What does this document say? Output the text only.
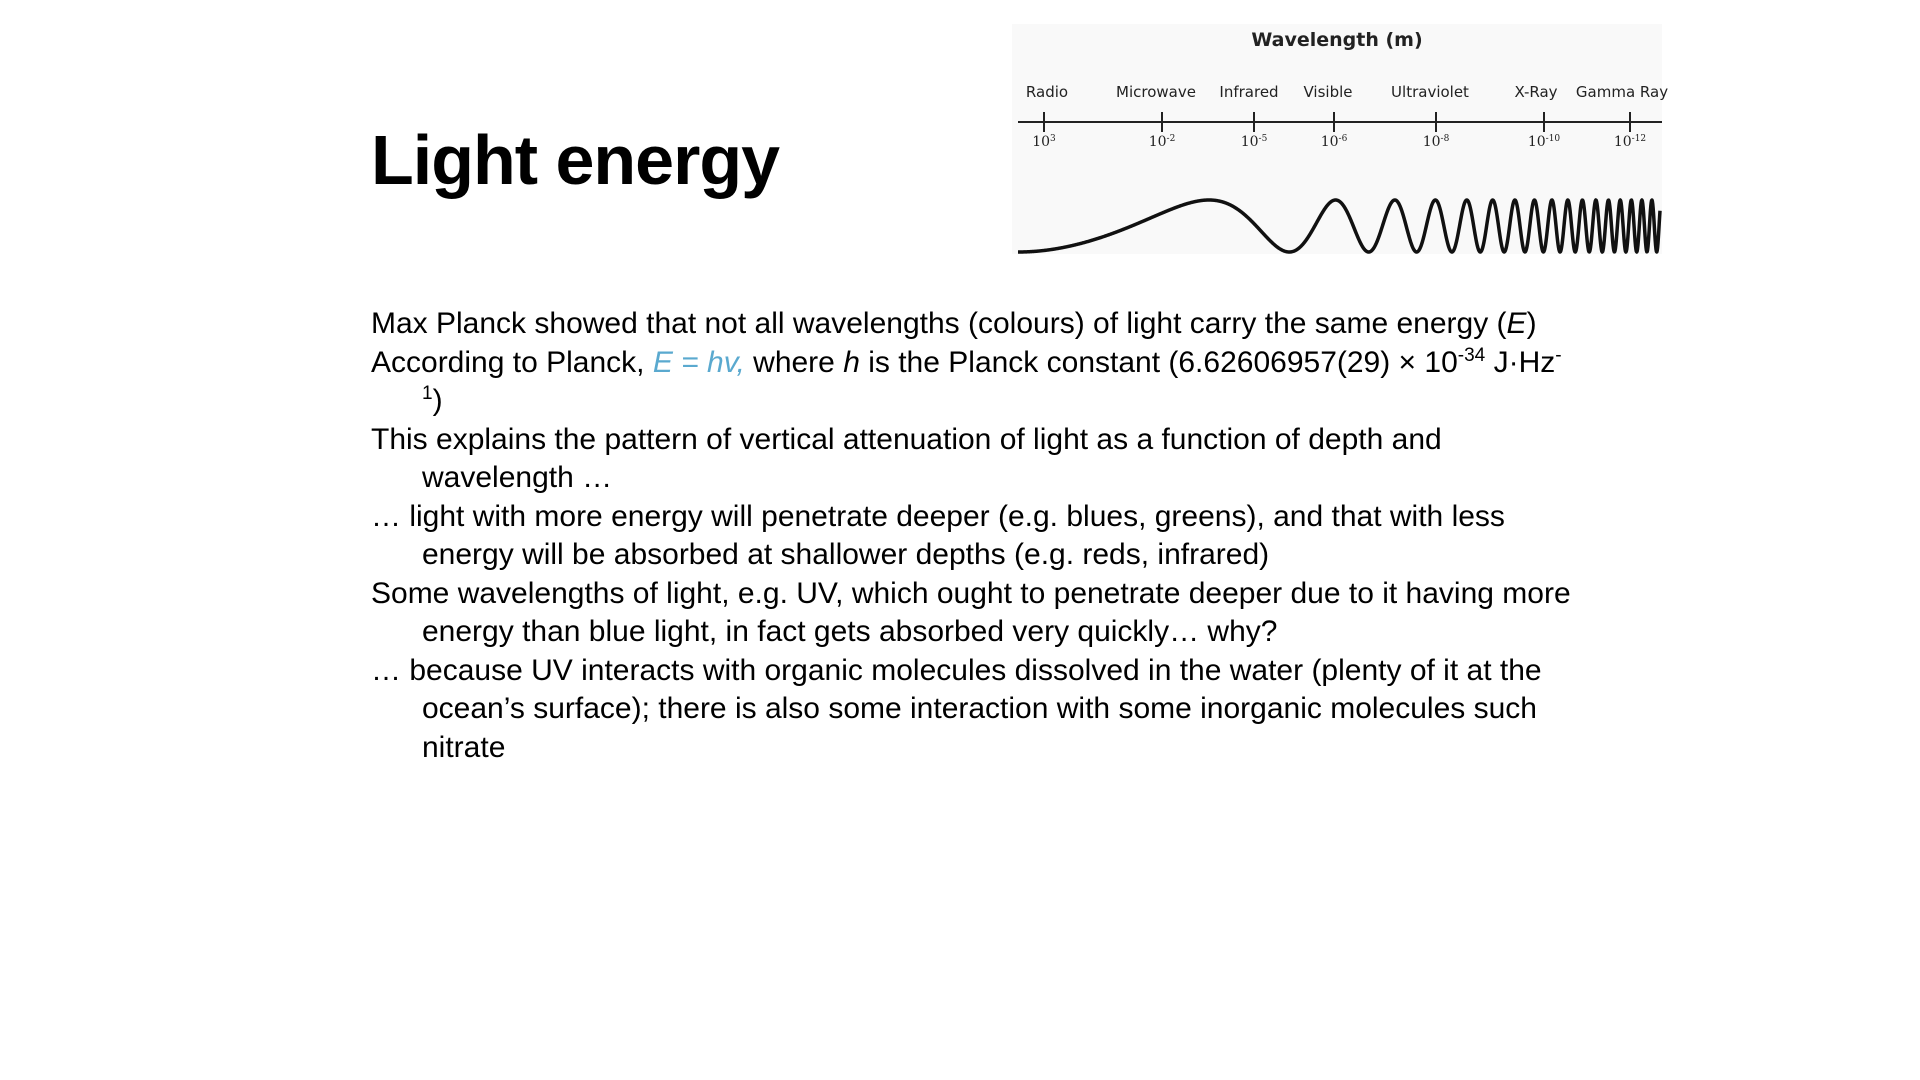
Light energy
Wavelength (m)
Radio	Microwave Infrared Visible	Ultraviolet	X-Ray Gamma Ray
$10^3$	$10^{-2}$	$10^{-5}$	$10^{-6}$	$10^{-8}$	$10^{-10}$	$10^{-12}$

Max Planck showed that not all wavelengths (colours) of light carry the same energy (E)

According to Planck, E = hv, where h is the Planck constant ($6.62606957(29) \times 10^{-34}$ $J\cdot Hz^{-1}$)

This explains the pattern of vertical attenuation of light as a function of depth and wavelength …

… light with more energy will penetrate deeper (e.g. blues, greens), and that with less energy will be absorbed at shallower depths (e.g. reds, infrared)

Some wavelengths of light, e.g. UV, which ought to penetrate deeper due to it having more energy than blue light, in fact gets absorbed very quickly… why?

… because UV interacts with organic molecules dissolved in the water (plenty of it at the ocean’s surface); there is also some interaction with some inorganic molecules such nitrate
